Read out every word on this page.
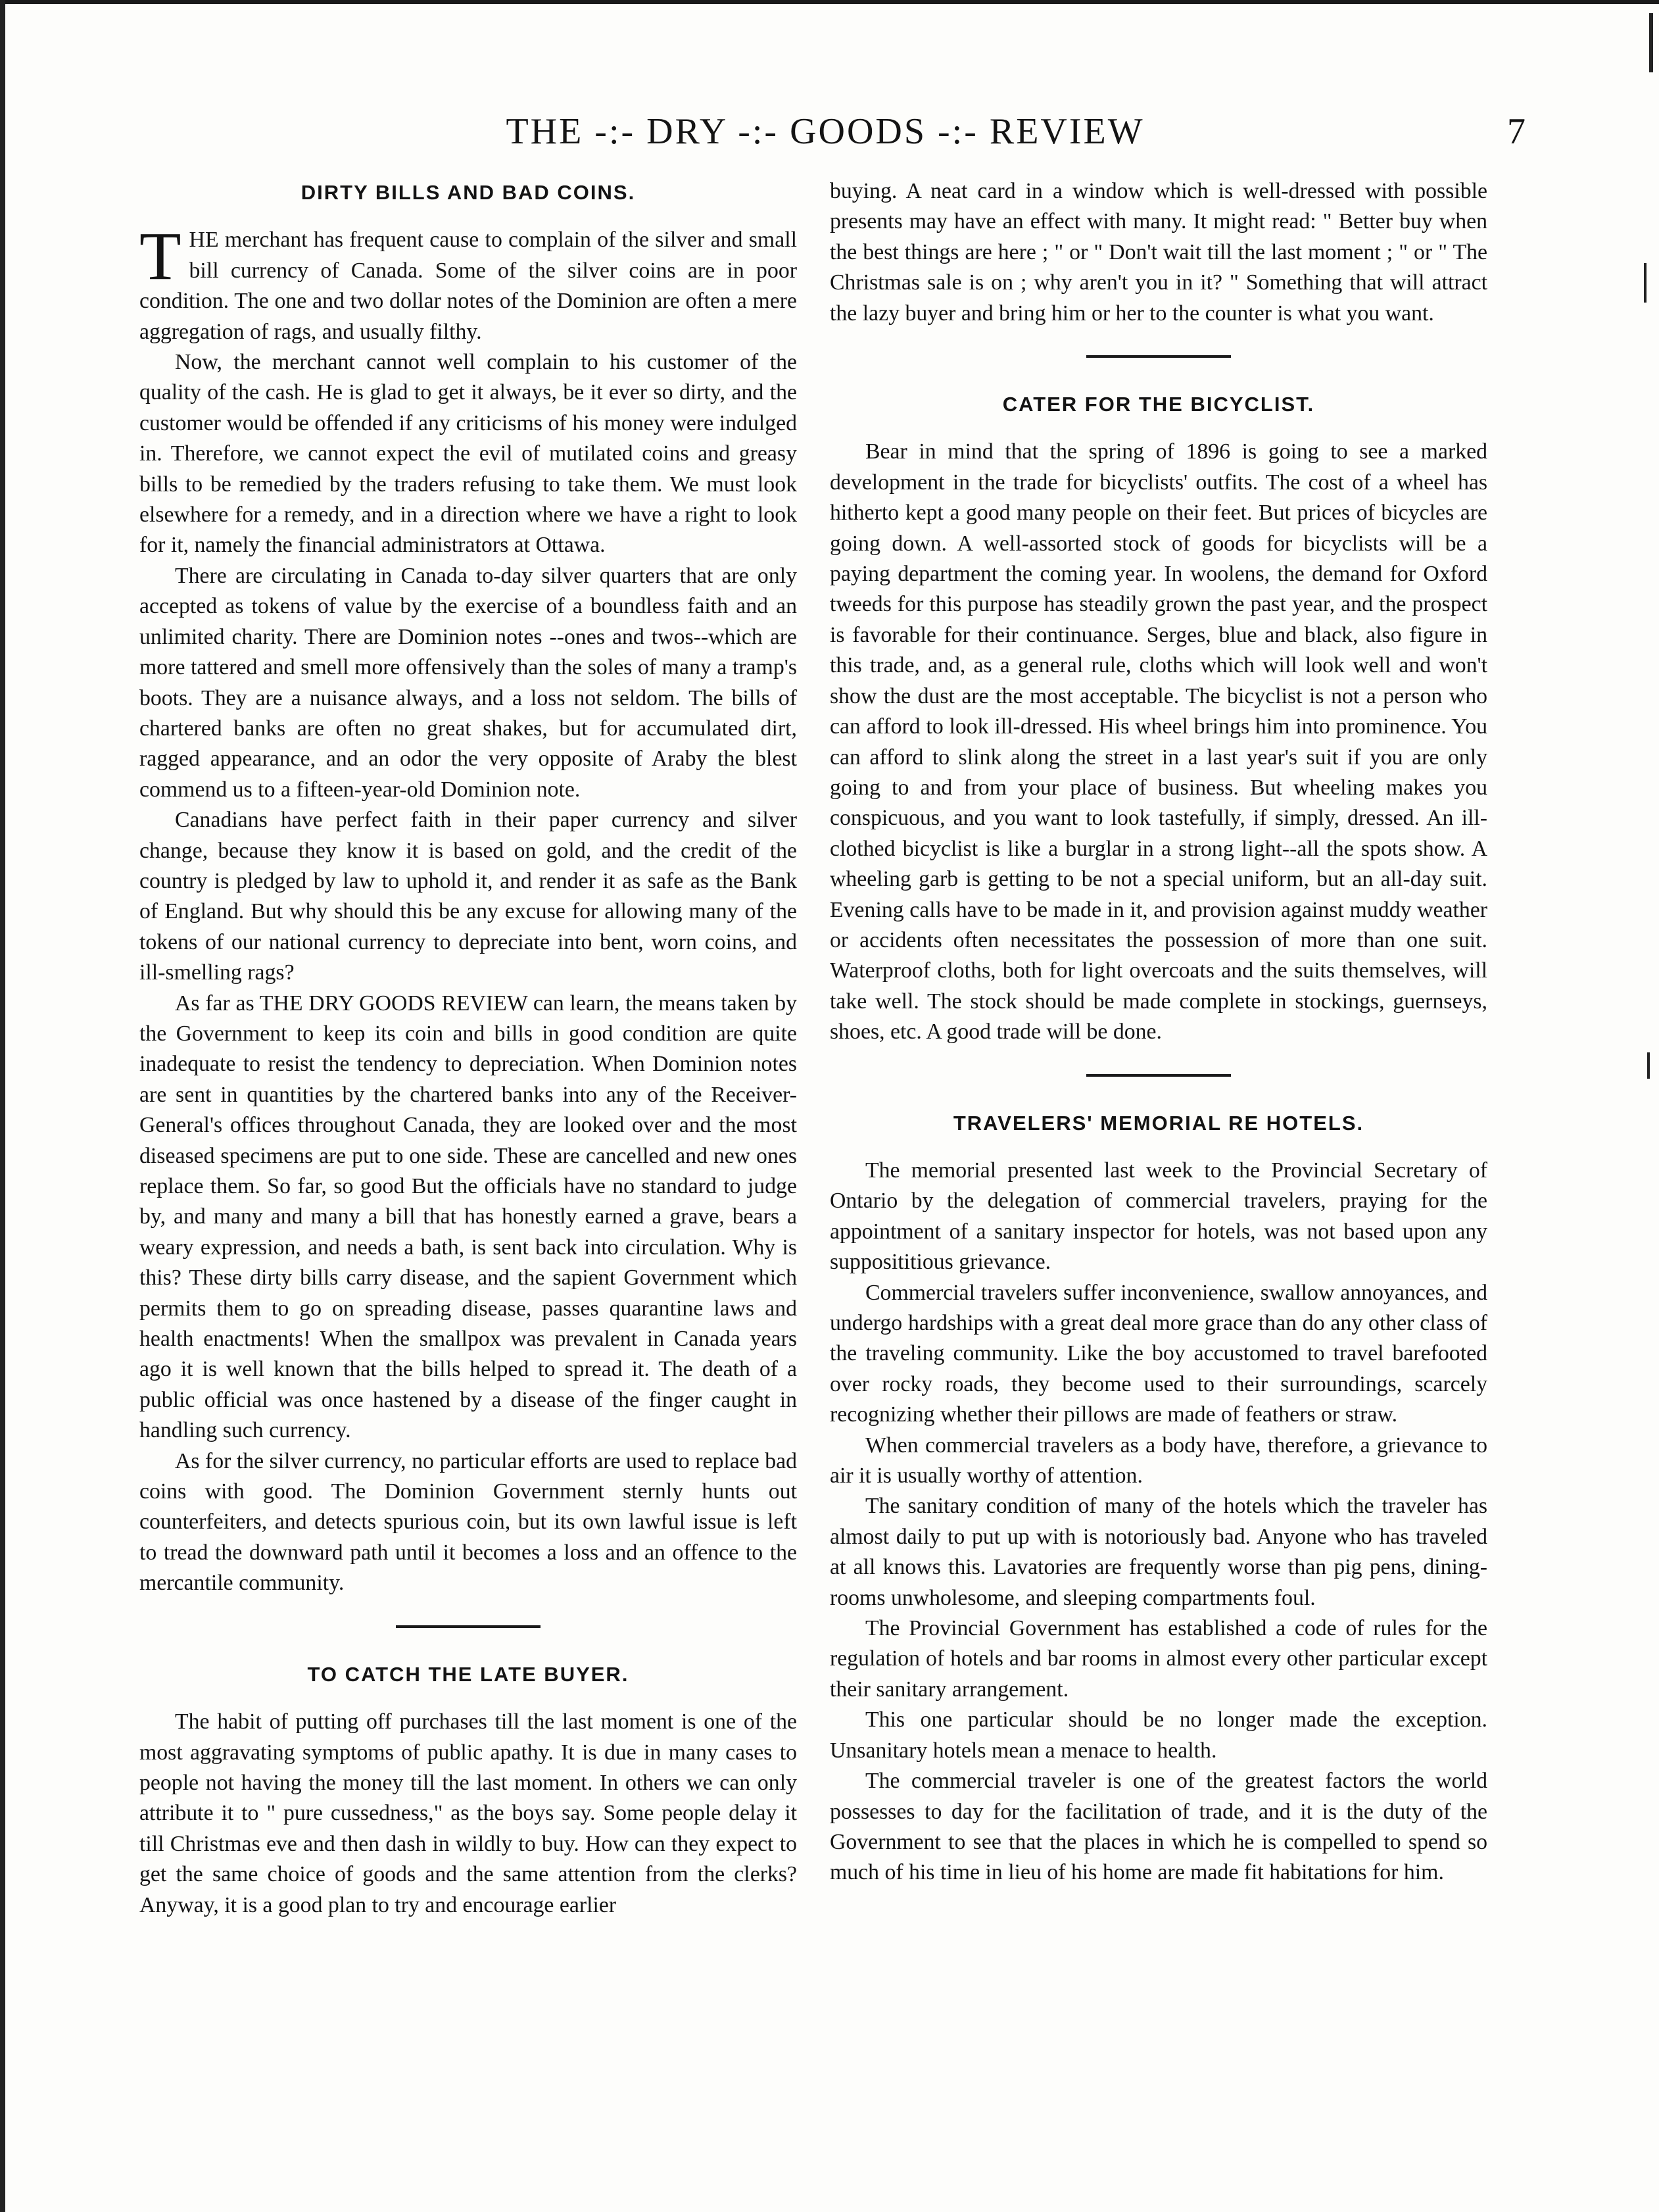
THE -:- DRY -:- GOODS -:- REVIEW	7
DIRTY BILLS AND BAD COINS.

THE merchant has frequent cause to complain of the silver and small bill currency of Canada. Some of the silver coins are in poor condition. The one and two dollar notes of the Dominion are often a mere aggregation of rags, and usually filthy.

Now, the merchant cannot well complain to his customer of the quality of the cash. He is glad to get it always, be it ever so dirty, and the customer would be offended if any criticisms of his money were indulged in. Therefore, we cannot expect the evil of mutilated coins and greasy bills to be remedied by the traders refusing to take them. We must look elsewhere for a remedy, and in a direction where we have a right to look for it, namely the financial administrators at Ottawa.

There are circulating in Canada to-day silver quarters that are only accepted as tokens of value by the exercise of a boundless faith and an unlimited charity. There are Dominion notes --ones and twos--which are more tattered and smell more offensively than the soles of many a tramp's boots. They are a nuisance always, and a loss not seldom. The bills of chartered banks are often no great shakes, but for accumulated dirt, ragged appearance, and an odor the very opposite of Araby the blest commend us to a fifteen-year-old Dominion note.

Canadians have perfect faith in their paper currency and silver change, because they know it is based on gold, and the credit of the country is pledged by law to uphold it, and render it as safe as the Bank of England. But why should this be any excuse for allowing many of the tokens of our national currency to depreciate into bent, worn coins, and ill-smelling rags?

As far as THE DRY GOODS REVIEW can learn, the means taken by the Government to keep its coin and bills in good condition are quite inadequate to resist the tendency to depreciation. When Dominion notes are sent in quantities by the chartered banks into any of the Receiver-General's offices throughout Canada, they are looked over and the most diseased specimens are put to one side. These are cancelled and new ones replace them. So far, so good But the officials have no standard to judge by, and many and many a bill that has honestly earned a grave, bears a weary expression, and needs a bath, is sent back into circulation. Why is this? These dirty bills carry disease, and the sapient Government which permits them to go on spreading disease, passes quarantine laws and health enactments! When the smallpox was prevalent in Canada years ago it is well known that the bills helped to spread it. The death of a public official was once hastened by a disease of the finger caught in handling such currency.

As for the silver currency, no particular efforts are used to replace bad coins with good. The Dominion Government sternly hunts out counterfeiters, and detects spurious coin, but its own lawful issue is left to tread the downward path until it becomes a loss and an offence to the mercantile community.

TO CATCH THE LATE BUYER.

The habit of putting off purchases till the last moment is one of the most aggravating symptoms of public apathy. It is due in many cases to people not having the money till the last moment. In others we can only attribute it to " pure cussedness," as the boys say. Some people delay it till Christmas eve and then dash in wildly to buy. How can they expect to get the same choice of goods and the same attention from the clerks? Anyway, it is a good plan to try and encourage earlier

buying. A neat card in a window which is well-dressed with possible presents may have an effect with many. It might read: " Better buy when the best things are here ; " or " Don't wait till the last moment ; " or " The Christmas sale is on ; why aren't you in it? " Something that will attract the lazy buyer and bring him or her to the counter is what you want.

CATER FOR THE BICYCLIST.

Bear in mind that the spring of 1896 is going to see a marked development in the trade for bicyclists' outfits. The cost of a wheel has hitherto kept a good many people on their feet. But prices of bicycles are going down. A well-assorted stock of goods for bicyclists will be a paying department the coming year. In woolens, the demand for Oxford tweeds for this purpose has steadily grown the past year, and the prospect is favorable for their continuance. Serges, blue and black, also figure in this trade, and, as a general rule, cloths which will look well and won't show the dust are the most acceptable. The bicyclist is not a person who can afford to look ill-dressed. His wheel brings him into prominence. You can afford to slink along the street in a last year's suit if you are only going to and from your place of business. But wheeling makes you conspicuous, and you want to look tastefully, if simply, dressed. An ill-clothed bicyclist is like a burglar in a strong light--all the spots show. A wheeling garb is getting to be not a special uniform, but an all-day suit. Evening calls have to be made in it, and provision against muddy weather or accidents often necessitates the possession of more than one suit. Waterproof cloths, both for light overcoats and the suits themselves, will take well. The stock should be made complete in stockings, guernseys, shoes, etc. A good trade will be done.

TRAVELERS' MEMORIAL RE HOTELS.

The memorial presented last week to the Provincial Secretary of Ontario by the delegation of commercial travelers, praying for the appointment of a sanitary inspector for hotels, was not based upon any supposititious grievance.

Commercial travelers suffer inconvenience, swallow annoyances, and undergo hardships with a great deal more grace than do any other class of the traveling community. Like the boy accustomed to travel barefooted over rocky roads, they become used to their surroundings, scarcely recognizing whether their pillows are made of feathers or straw.

When commercial travelers as a body have, therefore, a grievance to air it is usually worthy of attention.

The sanitary condition of many of the hotels which the traveler has almost daily to put up with is notoriously bad. Anyone who has traveled at all knows this. Lavatories are frequently worse than pig pens, dining-rooms unwholesome, and sleeping compartments foul.

The Provincial Government has established a code of rules for the regulation of hotels and bar rooms in almost every other particular except their sanitary arrangement.

This one particular should be no longer made the exception. Unsanitary hotels mean a menace to health.

The commercial traveler is one of the greatest factors the world possesses to day for the facilitation of trade, and it is the duty of the Government to see that the places in which he is compelled to spend so much of his time in lieu of his home are made fit habitations for him.
